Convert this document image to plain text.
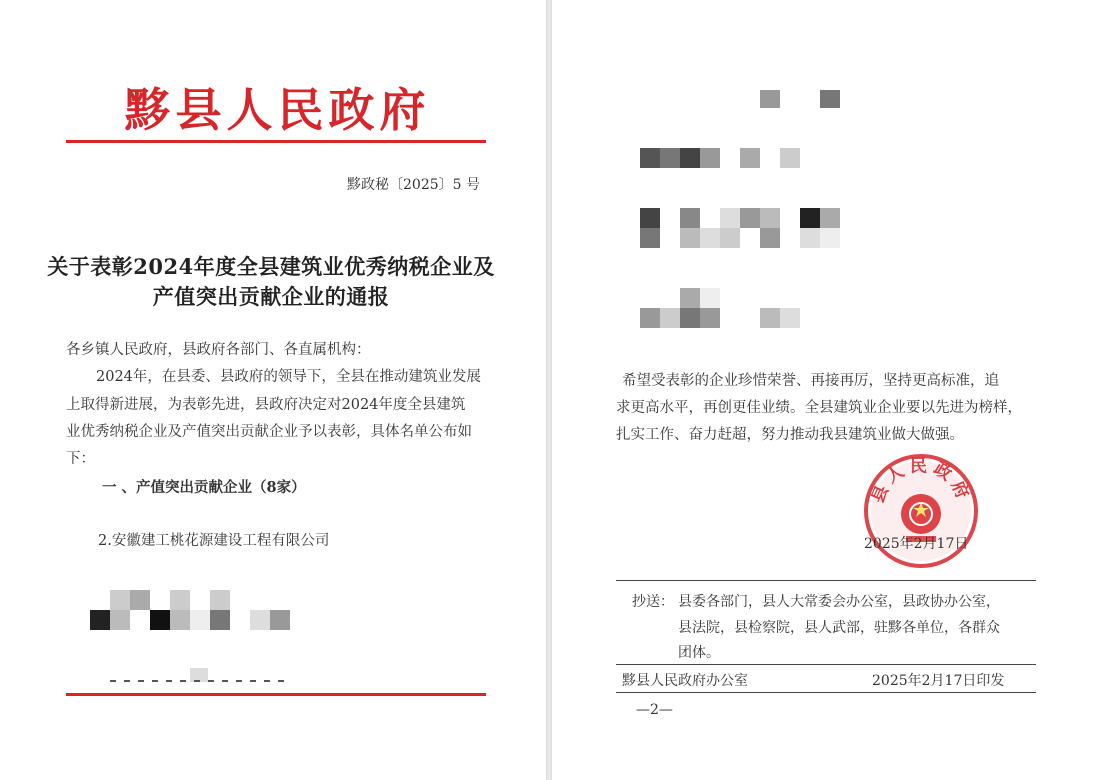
黟县人民政府
黟政秘〔2025〕5 号
关于表彰2024年度全县建筑业优秀纳税企业及
产值突出贡献企业的通报
各乡镇人民政府，县政府各部门、各直属机构：
2024年，在县委、县政府的领导下，全县在推动建筑业发展
上取得新进展，为表彰先进，县政府决定对2024年度全县建筑
业优秀纳税企业及产值突出贡献企业予以表彰，具体名单公布如
下：
一 、产值突出贡献企业（8家）
2.安徽建工桃花源建设工程有限公司
希望受表彰的企业珍惜荣誉、再接再厉，坚持更高标准，追
求更高水平，再创更佳业绩。全县建筑业企业要以先进为榜样，
扎实工作、奋力赶超，努力推动我县建筑业做大做强。
县人民政府
2025年2月17日
抄送： 县委各部门，县人大常委会办公室，县政协办公室，
县法院，县检察院，县人武部，驻黟各单位，各群众
团体。
黟县人民政府办公室	2025年2月17日印发
—2—
